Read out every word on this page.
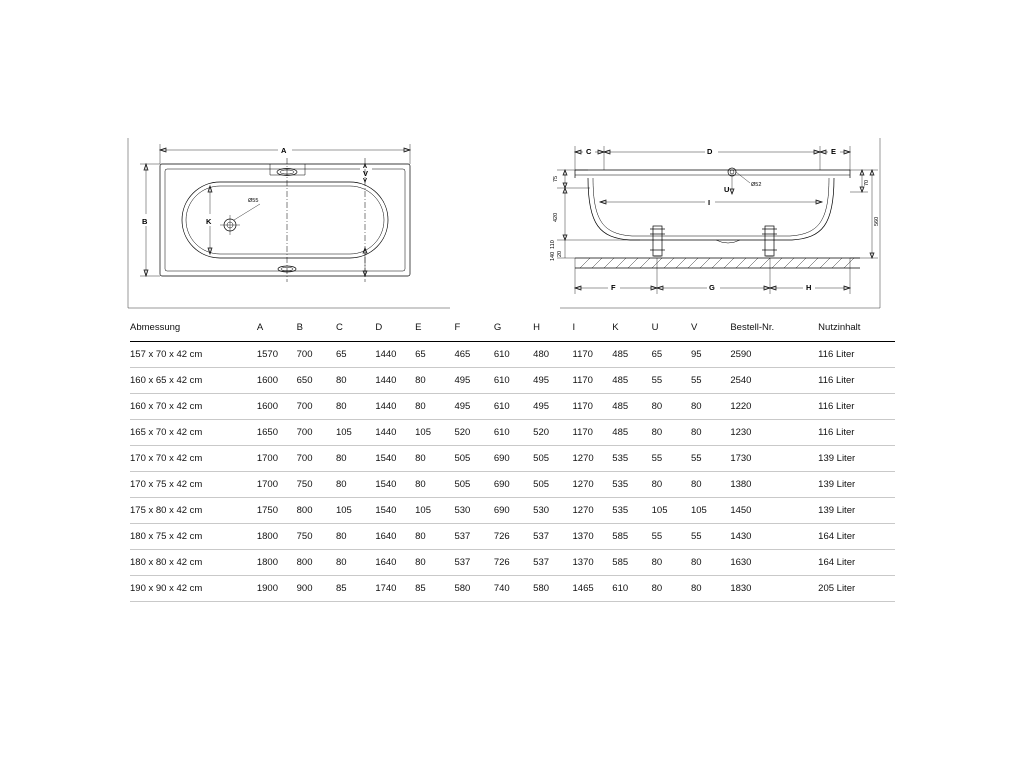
Ø55
A
B	K
V
Ø52
C	D	E
F	G	H
I
U
75
420
110
140 20
70
560
Abmessung	A	B	C	D	E	F	G	H	I	K	U	V	Bestell-Nr.	Nutzinhalt
157 x 70 x 42 cm	1570	700	65	1440	65	465	610	480	1170	485	65	95	2590	116 Liter
160 x 65 x 42 cm	1600	650	80	1440	80	495	610	495	1170	485	55	55	2540	116 Liter
160 x 70 x 42 cm	1600	700	80	1440	80	495	610	495	1170	485	80	80	1220	116 Liter
165 x 70 x 42 cm	1650	700	105	1440	105	520	610	520	1170	485	80	80	1230	116 Liter
170 x 70 x 42 cm	1700	700	80	1540	80	505	690	505	1270	535	55	55	1730	139 Liter
170 x 75 x 42 cm	1700	750	80	1540	80	505	690	505	1270	535	80	80	1380	139 Liter
175 x 80 x 42 cm	1750	800	105	1540	105	530	690	530	1270	535	105	105	1450	139 Liter
180 x 75 x 42 cm	1800	750	80	1640	80	537	726	537	1370	585	55	55	1430	164 Liter
180 x 80 x 42 cm	1800	800	80	1640	80	537	726	537	1370	585	80	80	1630	164 Liter
190 x 90 x 42 cm	1900	900	85	1740	85	580	740	580	1465	610	80	80	1830	205 Liter
